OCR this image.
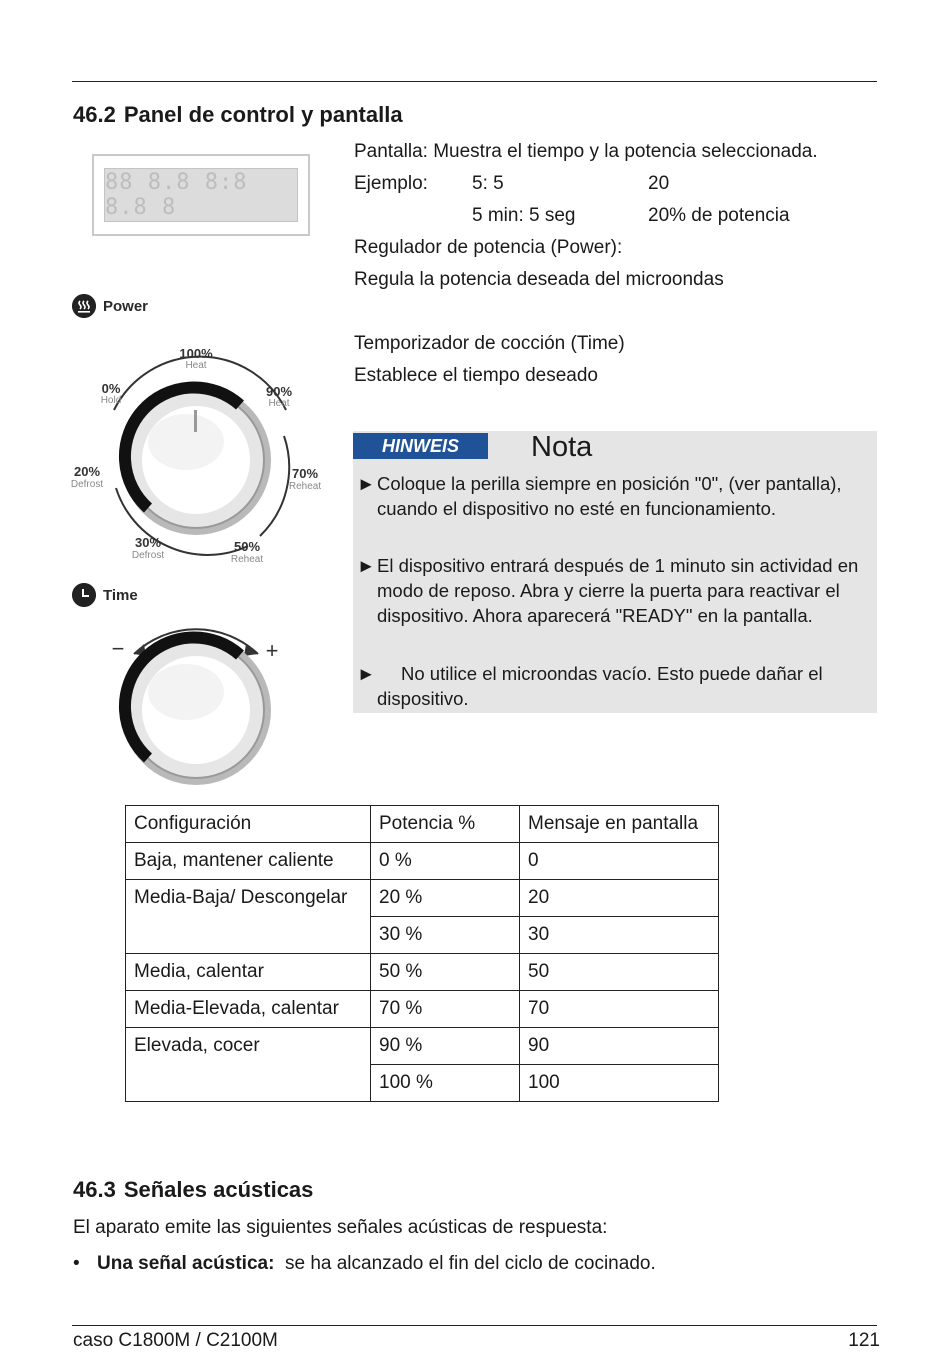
46.2 Panel de control y pantalla
88 8.8 8:8 8.8 8
Pantalla: Muestra el tiempo y la potencia seleccionada.
Ejemplo: 5: 5	20
5 min: 5 seg	20% de potencia
Regulador de potencia (Power):
Regula la potencia deseada del microondas
Temporizador de cocción (Time)
Establece el tiempo deseado
Power
100%
Heat
0%
Hold
90%
Heat
20%
Defrost
70%
Reheat
30%
Defrost
50%
Reheat
Time
−	+
HINWEIS	Nota
► Coloque la perilla siempre en posición "0", (ver pantalla), cuando el dispositivo no esté en funcionamiento.
► El dispositivo entrará después de 1 minuto sin actividad en modo de reposo. Abra y cierre la puerta para reactivar el dispositivo. Ahora aparecerá "READY" en la pantalla.
►	No utilice el microondas vacío. Esto puede dañar el dispositivo.
Configuración	Potencia %	Mensaje en pantalla
Baja, mantener caliente	0 %	0
Media-Baja/ Descongelar	20 %	20
	30 %	30
Media, calentar	50 %	50
Media-Elevada, calentar	70 %	70
Elevada, cocer	90 %	90
	100 %	100
46.3 Señales acústicas
El aparato emite las siguientes señales acústicas de respuesta:
• Una señal acústica: se ha alcanzado el fin del ciclo de cocinado.
caso C1800M / C2100M	121
